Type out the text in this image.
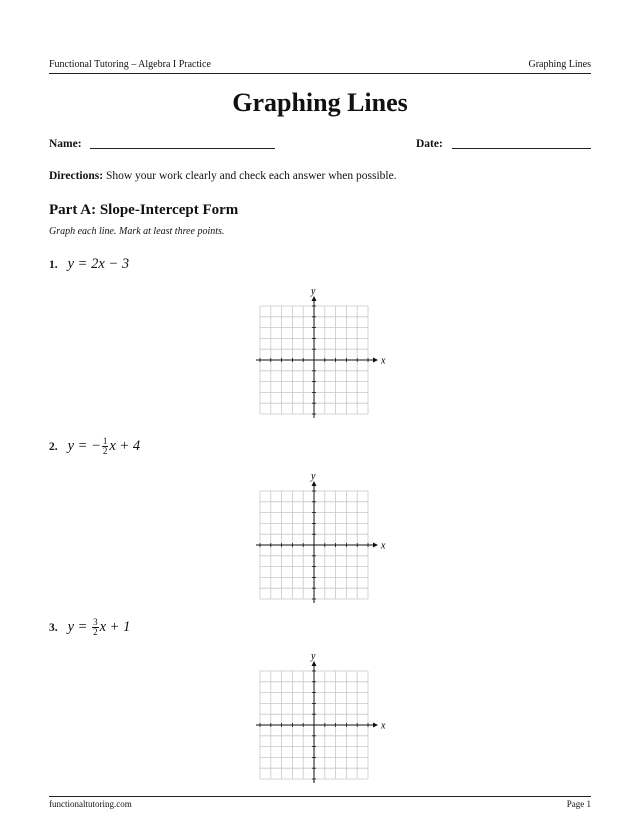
Functional Tutoring – Algebra I Practice	Graphing Lines
Graphing Lines
Name:	Date:
Directions: Show your work clearly and check each answer when possible.
Part A: Slope-Intercept Form
Graph each line. Mark at least three points.
1. y = 2x − 3
x
y
2. y = − $\frac{1}{2}$ x + 4
x
y
3. $y = \frac{3}{2}$ x + 1
x
y
functionaltutoring.com	Page 1
